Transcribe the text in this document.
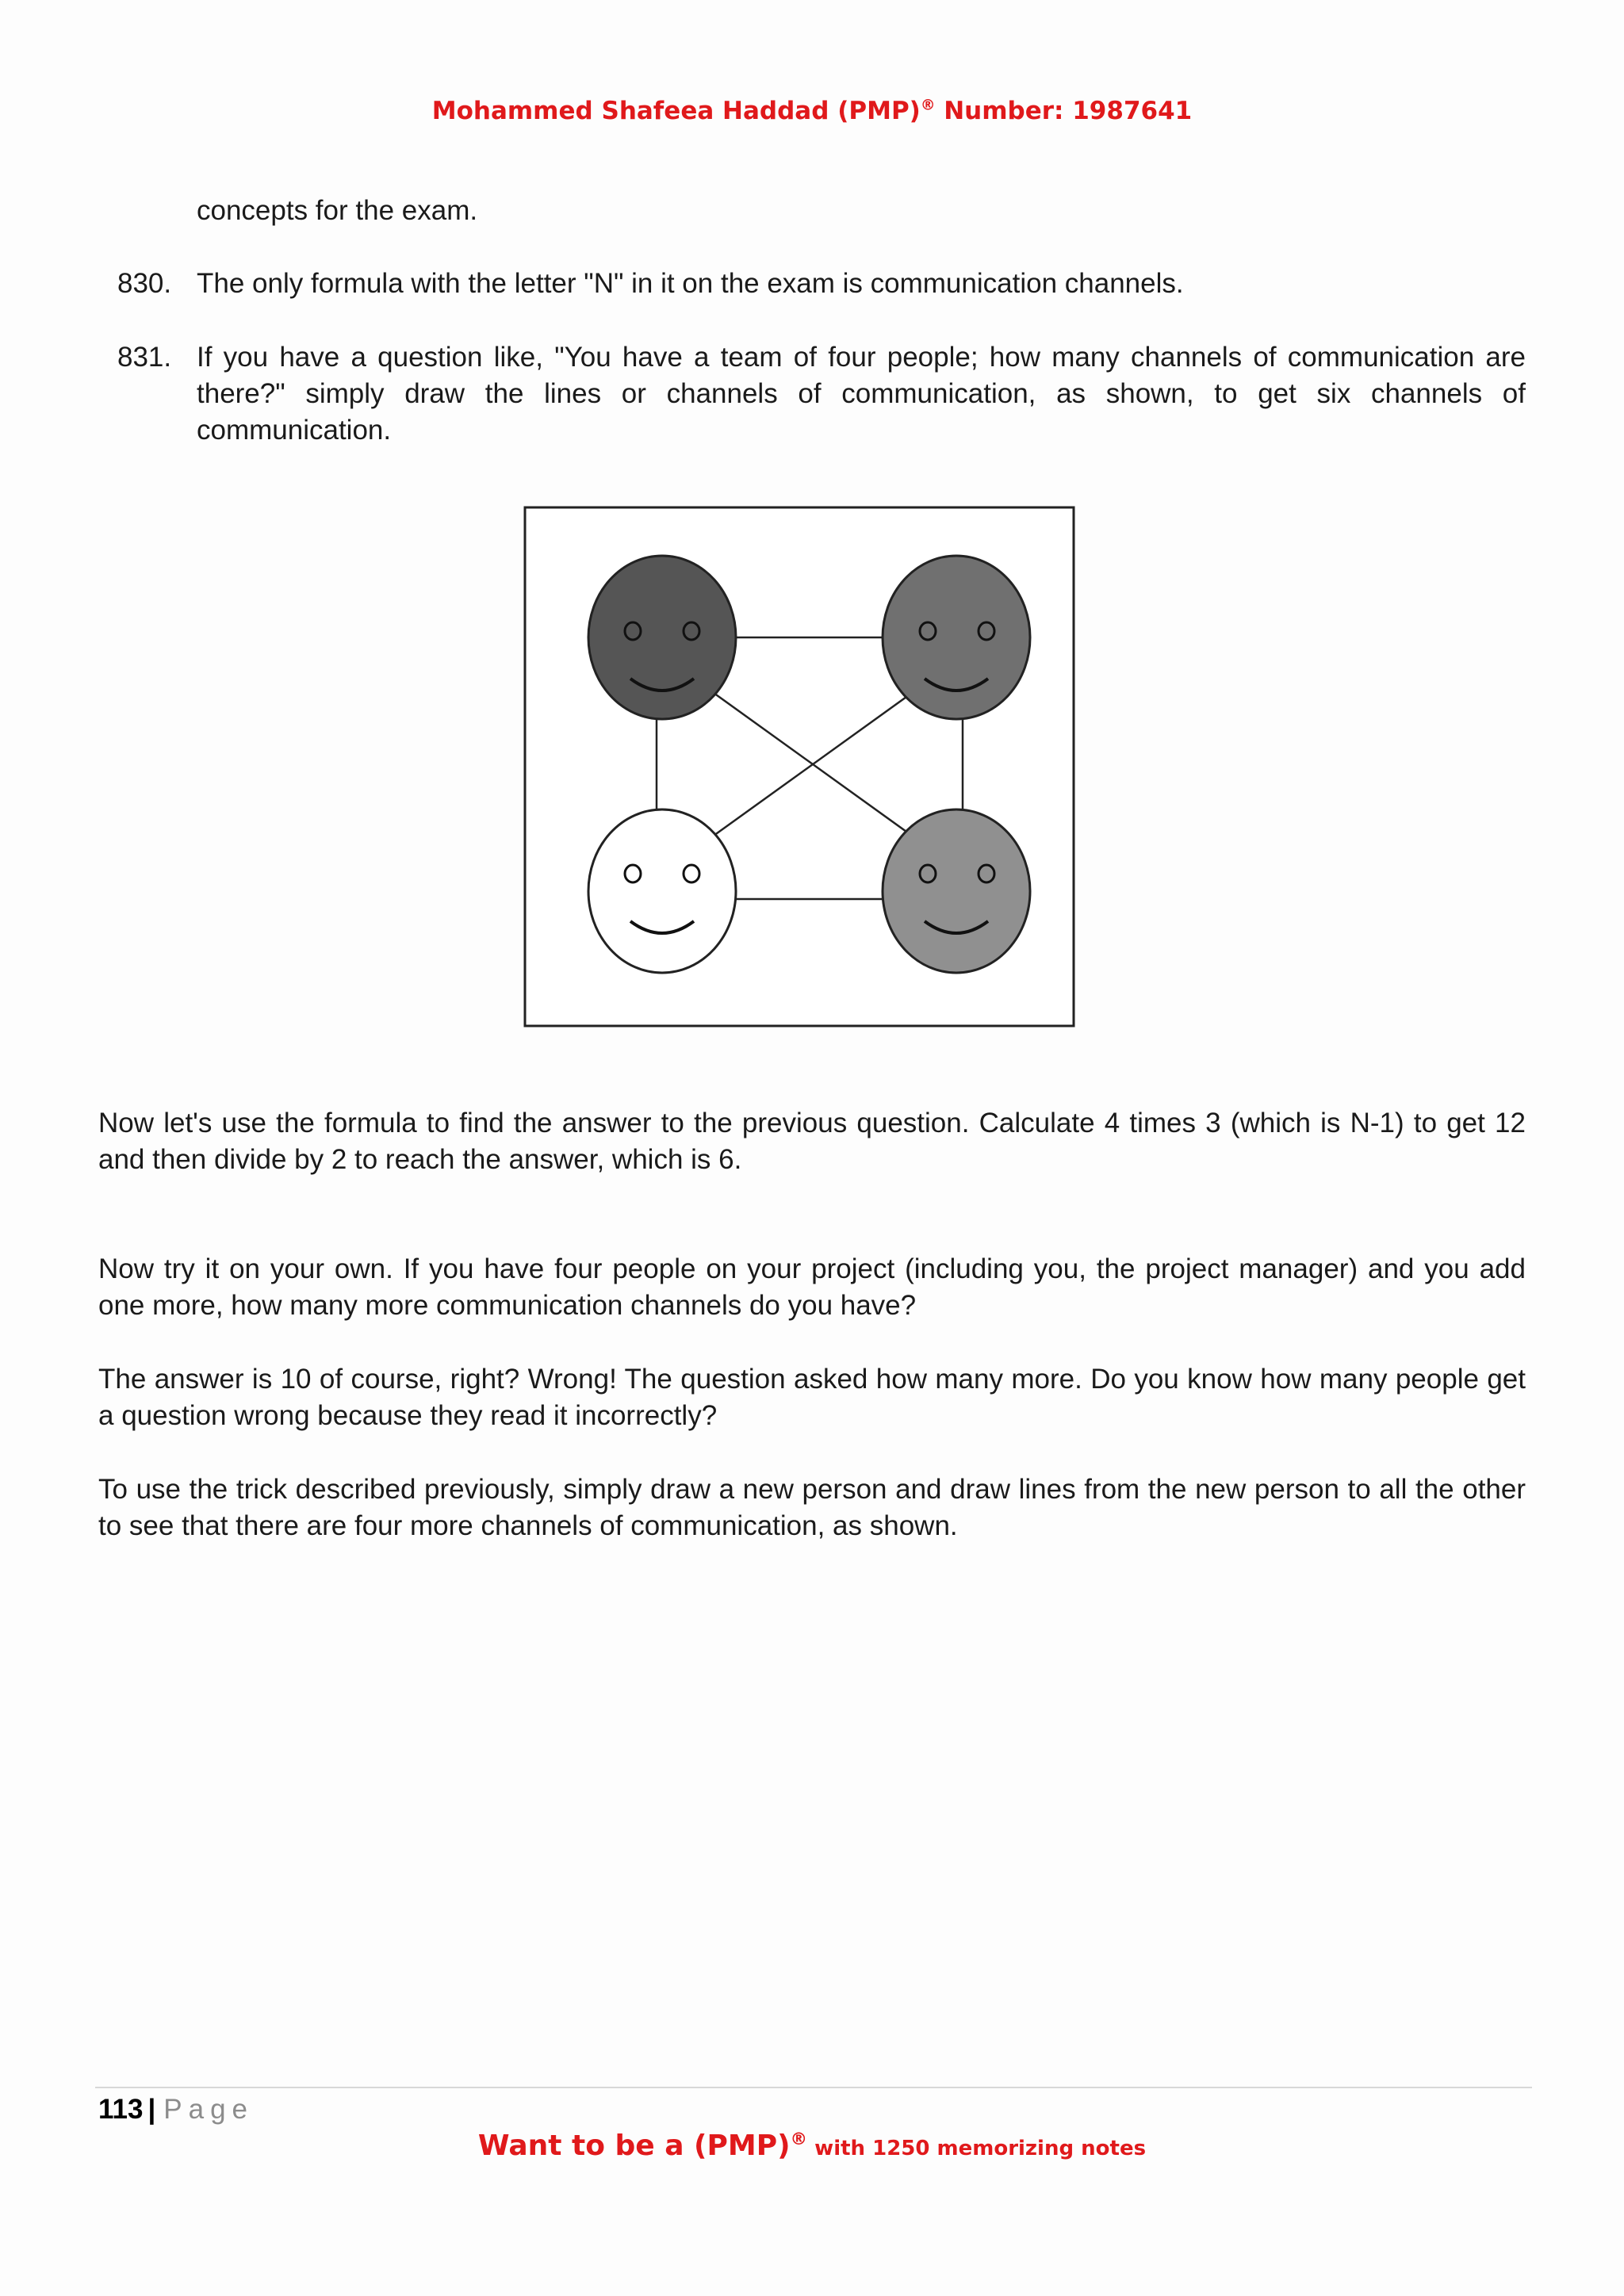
Mohammed Shafeea Haddad (PMP)® Number: 1987641
concepts for the exam.
830. The only formula with the letter "N" in it on the exam is communication channels.
831. If you have a question like, "You have a team of four people; how many channels of communication are there?" simply draw the lines or channels of communication, as shown, to get six channels of communication.
Now let's use the formula to find the answer to the previous question. Calculate 4 times 3 (which is N-1) to get 12 and then divide by 2 to reach the answer, which is 6.
Now try it on your own. If you have four people on your project (including you, the project manager) and you add one more, how many more communication channels do you have?
The answer is 10 of course, right? Wrong! The question asked how many more. Do you know how many people get a question wrong because they read it incorrectly?
To use the trick described previously, simply draw a new person and draw lines from the new person to all the other to see that there are four more channels of communication, as shown.
113 | Page
Want to be a (PMP)® with 1250 memorizing notes
